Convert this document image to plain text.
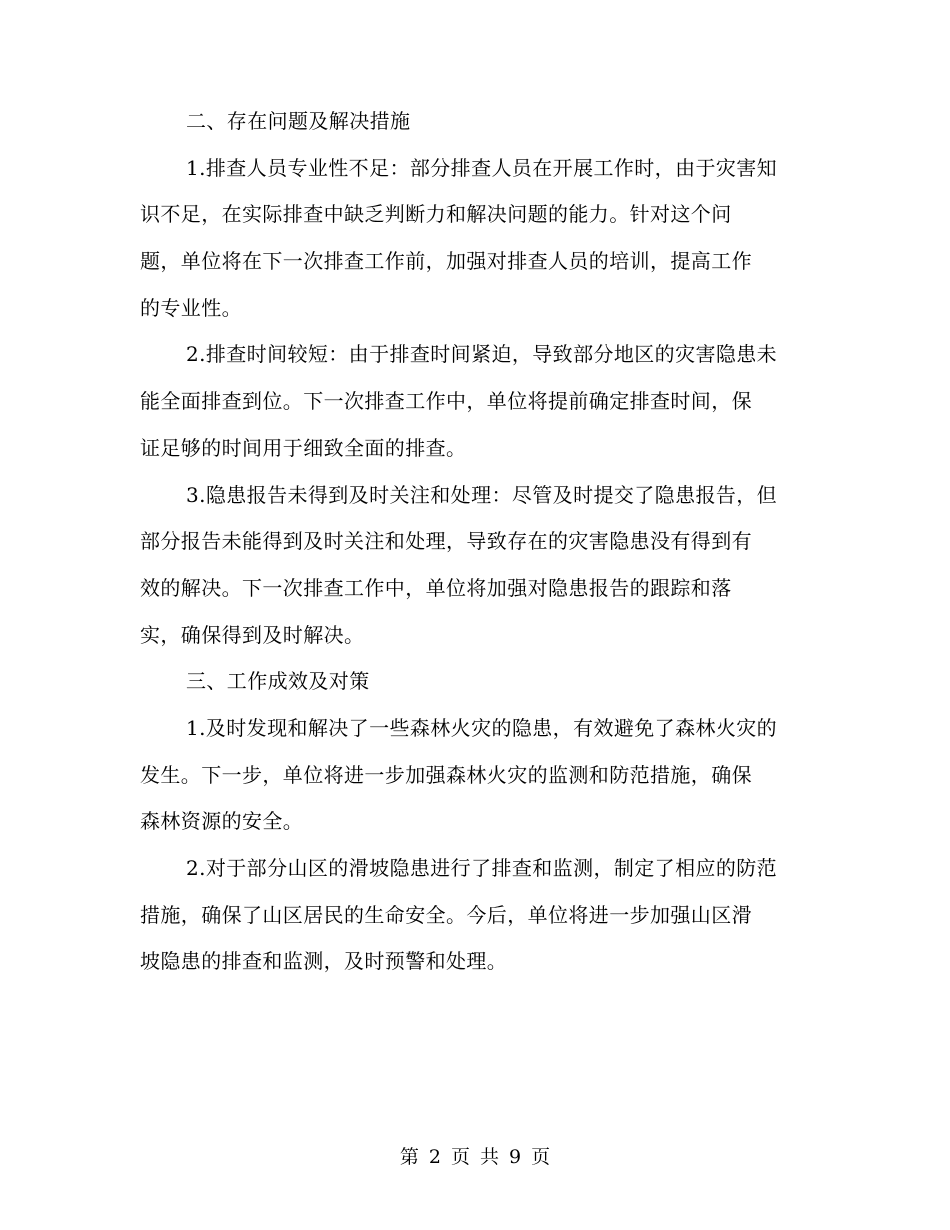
二、存在问题及解决措施
1.排查人员专业性不足：部分排查人员在开展工作时，由于灾害知
识不足，在实际排查中缺乏判断力和解决问题的能力。针对这个问
题，单位将在下一次排查工作前，加强对排查人员的培训，提高工作
的专业性。
2.排查时间较短：由于排查时间紧迫，导致部分地区的灾害隐患未
能全面排查到位。下一次排查工作中，单位将提前确定排查时间，保
证足够的时间用于细致全面的排查。
3.隐患报告未得到及时关注和处理：尽管及时提交了隐患报告，但
部分报告未能得到及时关注和处理，导致存在的灾害隐患没有得到有
效的解决。下一次排查工作中，单位将加强对隐患报告的跟踪和落
实，确保得到及时解决。
三、工作成效及对策
1.及时发现和解决了一些森林火灾的隐患，有效避免了森林火灾的
发生。下一步，单位将进一步加强森林火灾的监测和防范措施，确保
森林资源的安全。
2.对于部分山区的滑坡隐患进行了排查和监测，制定了相应的防范
措施，确保了山区居民的生命安全。今后，单位将进一步加强山区滑
坡隐患的排查和监测，及时预警和处理。
第 2 页 共 9 页
